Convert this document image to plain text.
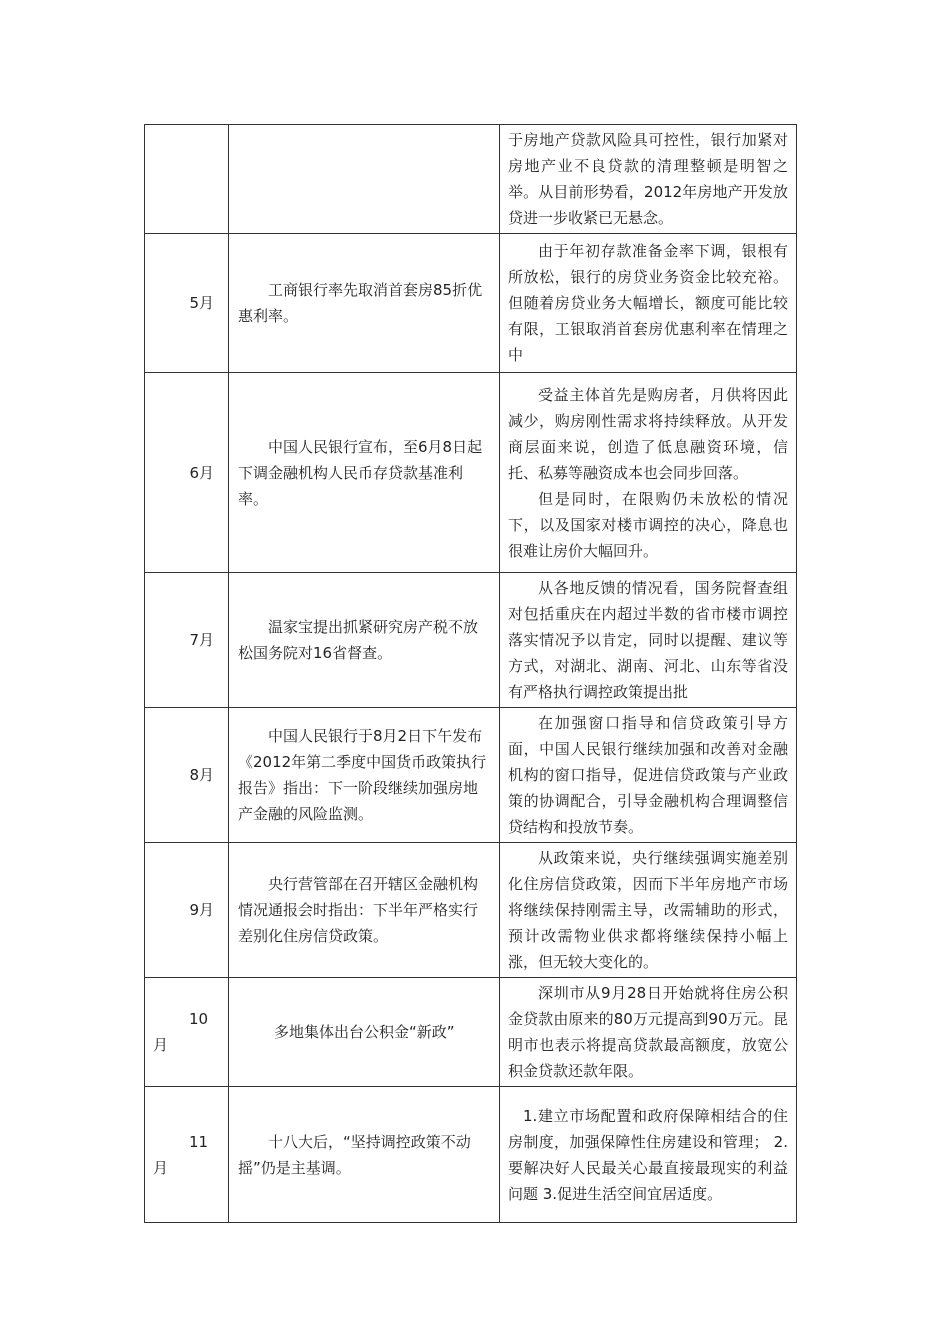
		于房地产贷款风险具可控性，银行加紧对房地产业不良贷款的清理整顿是明智之举。从目前形势看，2012年房地产开发放贷进一步收紧已无悬念。

5月	工商银行率先取消首套房85折优惠利率。	由于年初存款准备金率下调，银根有所放松，银行的房贷业务资金比较充裕。但随着房贷业务大幅增长，额度可能比较有限，工银取消首套房优惠利率在情理之中

6月	中国人民银行宣布，至6月8日起下调金融机构人民币存贷款基准利率。	受益主体首先是购房者，月供将因此减少，购房刚性需求将持续释放。从开发商层面来说，创造了低息融资环境，信托、私募等融资成本也会同步回落。

但是同时，在限购仍未放松的情况下，以及国家对楼市调控的决心，降息也很难让房价大幅回升。

7月	温家宝提出抓紧研究房产税不放松国务院对16省督查。	从各地反馈的情况看，国务院督查组对包括重庆在内超过半数的省市楼市调控落实情况予以肯定，同时以提醒、建议等方式，对湖北、湖南、河北、山东等省没有严格执行调控政策提出批

8月	中国人民银行于8月2日下午发布《2012年第二季度中国货币政策执行报告》指出：下一阶段继续加强房地产金融的风险监测。	在加强窗口指导和信贷政策引导方面，中国人民银行继续加强和改善对金融机构的窗口指导，促进信贷政策与产业政策的协调配合，引导金融机构合理调整信贷结构和投放节奏。

9月	央行营管部在召开辖区金融机构情况通报会时指出：下半年严格实行差别化住房信贷政策。	从政策来说，央行继续强调实施差别化住房信贷政策，因而下半年房地产市场将继续保持刚需主导，改需辅助的形式，预计改需物业供求都将继续保持小幅上涨，但无较大变化的。

10
月	多地集体出台公积金“新政”	深圳市从9月28日开始就将住房公积金贷款由原来的80万元提高到90万元。昆明市也表示将提高贷款最高额度，放宽公积金贷款还款年限。

11
月	十八大后，“坚持调控政策不动摇”仍是主基调。	1.建立市场配置和政府保障相结合的住房制度，加强保障性住房建设和管理； 2.要解决好人民最关心最直接最现实的利益问题 3.促进生活空间宜居适度。
